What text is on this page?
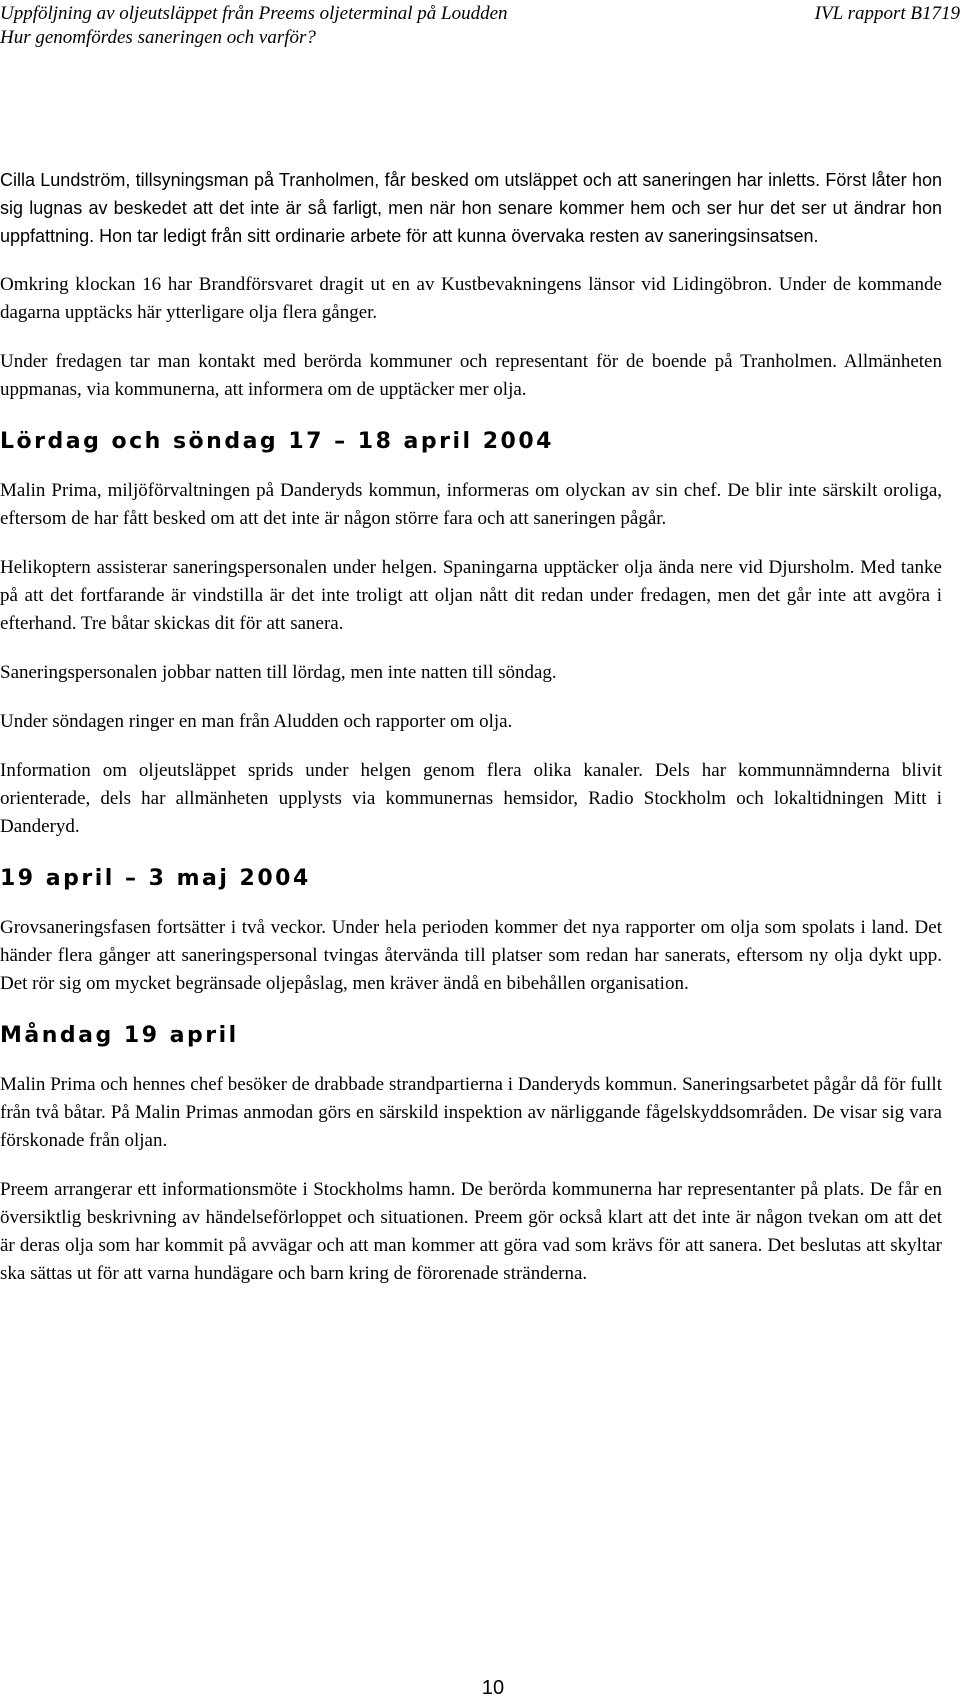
Uppföljning av oljeutsläppet från Preems oljeterminal på Loudden
Hur genomfördes saneringen och varför?
IVL rapport B1719

Cilla Lundström, tillsyningsman på Tranholmen, får besked om utsläppet och att saneringen har inletts. Först låter hon sig lugnas av beskedet att det inte är så farligt, men när hon senare kommer hem och ser hur det ser ut ändrar hon uppfattning. Hon tar ledigt från sitt ordinarie arbete för att kunna övervaka resten av saneringsinsatsen.

Omkring klockan 16 har Brandförsvaret dragit ut en av Kustbevakningens länsor vid Lidingöbron. Under de kommande dagarna upptäcks här ytterligare olja flera gånger.

Under fredagen tar man kontakt med berörda kommuner och representant för de boende på Tranholmen. Allmänheten uppmanas, via kommunerna, att informera om de upptäcker mer olja.

Lördag och söndag 17 – 18 april 2004

Malin Prima, miljöförvaltningen på Danderyds kommun, informeras om olyckan av sin chef. De blir inte särskilt oroliga, eftersom de har fått besked om att det inte är någon större fara och att saneringen pågår.

Helikoptern assisterar saneringspersonalen under helgen. Spaningarna upptäcker olja ända nere vid Djursholm. Med tanke på att det fortfarande är vindstilla är det inte troligt att oljan nått dit redan under fredagen, men det går inte att avgöra i efterhand. Tre båtar skickas dit för att sanera.

Saneringspersonalen jobbar natten till lördag, men inte natten till söndag.

Under söndagen ringer en man från Aludden och rapporter om olja.

Information om oljeutsläppet sprids under helgen genom flera olika kanaler. Dels har kommunnämnderna blivit orienterade, dels har allmänheten upplysts via kommunernas hemsidor, Radio Stockholm och lokaltidningen Mitt i Danderyd.

19 april – 3 maj 2004

Grovsaneringsfasen fortsätter i två veckor. Under hela perioden kommer det nya rapporter om olja som spolats i land. Det händer flera gånger att saneringspersonal tvingas återvända till platser som redan har sanerats, eftersom ny olja dykt upp. Det rör sig om mycket begränsade oljepåslag, men kräver ändå en bibehållen organisation.

Måndag 19 april

Malin Prima och hennes chef besöker de drabbade strandpartierna i Danderyds kommun. Saneringsarbetet pågår då för fullt från två båtar. På Malin Primas anmodan görs en särskild inspektion av närliggande fågelskyddsområden. De visar sig vara förskonade från oljan.

Preem arrangerar ett informationsmöte i Stockholms hamn. De berörda kommunerna har representanter på plats. De får en översiktlig beskrivning av händelseförloppet och situationen. Preem gör också klart att det inte är någon tvekan om att det är deras olja som har kommit på avvägar och att man kommer att göra vad som krävs för att sanera. Det beslutas att skyltar ska sättas ut för att varna hundägare och barn kring de förorenade stränderna.

10
